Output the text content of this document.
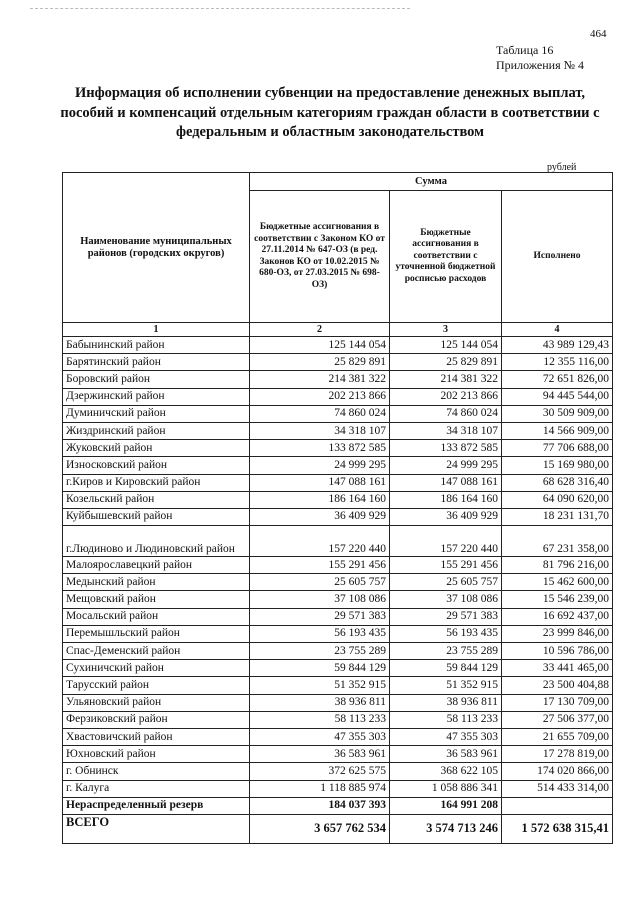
464
Таблица 16
Приложения № 4
Информация об исполнении субвенции на предоставление денежных выплат, пособий и компенсаций отдельным категориям граждан области в соответствии с федеральным и областным законодательством
рублей
Наименование муниципальных районов (городских округов)	Сумма		
	Бюджетные ассигнования в соответствии с Законом КО от 27.11.2014 № 647-ОЗ (в ред. Законов КО от 10.02.2015 № 680-ОЗ, от 27.03.2015 № 698-ОЗ)	Бюджетные ассигнования в соответствии с уточненной бюджетной росписью расходов	Исполнено
1	2	3	4
Бабынинский район	125 144 054	125 144 054	43 989 129,43
Барятинский район	25 829 891	25 829 891	12 355 116,00
Боровский район	214 381 322	214 381 322	72 651 826,00
Дзержинский район	202 213 866	202 213 866	94 445 544,00
Думиничский район	74 860 024	74 860 024	30 509 909,00
Жиздринский район	34 318 107	34 318 107	14 566 909,00
Жуковский район	133 872 585	133 872 585	77 706 688,00
Износковский район	24 999 295	24 999 295	15 169 980,00
г.Киров и Кировский район	147 088 161	147 088 161	68 628 316,40
Козельский район	186 164 160	186 164 160	64 090 620,00
Куйбышевский район	36 409 929	36 409 929	18 231 131,70
г.Людиново и Людиновский район	157 220 440	157 220 440	67 231 358,00
Малоярославецкий район	155 291 456	155 291 456	81 796 216,00
Медынский район	25 605 757	25 605 757	15 462 600,00
Мещовский район	37 108 086	37 108 086	15 546 239,00
Мосальский район	29 571 383	29 571 383	16 692 437,00
Перемышльский район	56 193 435	56 193 435	23 999 846,00
Спас-Деменский район	23 755 289	23 755 289	10 596 786,00
Сухиничский район	59 844 129	59 844 129	33 441 465,00
Тарусский район	51 352 915	51 352 915	23 500 404,88
Ульяновский район	38 936 811	38 936 811	17 130 709,00
Ферзиковский район	58 113 233	58 113 233	27 506 377,00
Хвастовичский район	47 355 303	47 355 303	21 655 709,00
Юхновский район	36 583 961	36 583 961	17 278 819,00
г. Обнинск	372 625 575	368 622 105	174 020 866,00
г. Калуга	1 118 885 974	1 058 886 341	514 433 314,00
Нераспределенный резерв	184 037 393	164 991 208	
ВСЕГО	3 657 762 534	3 574 713 246	1 572 638 315,41
